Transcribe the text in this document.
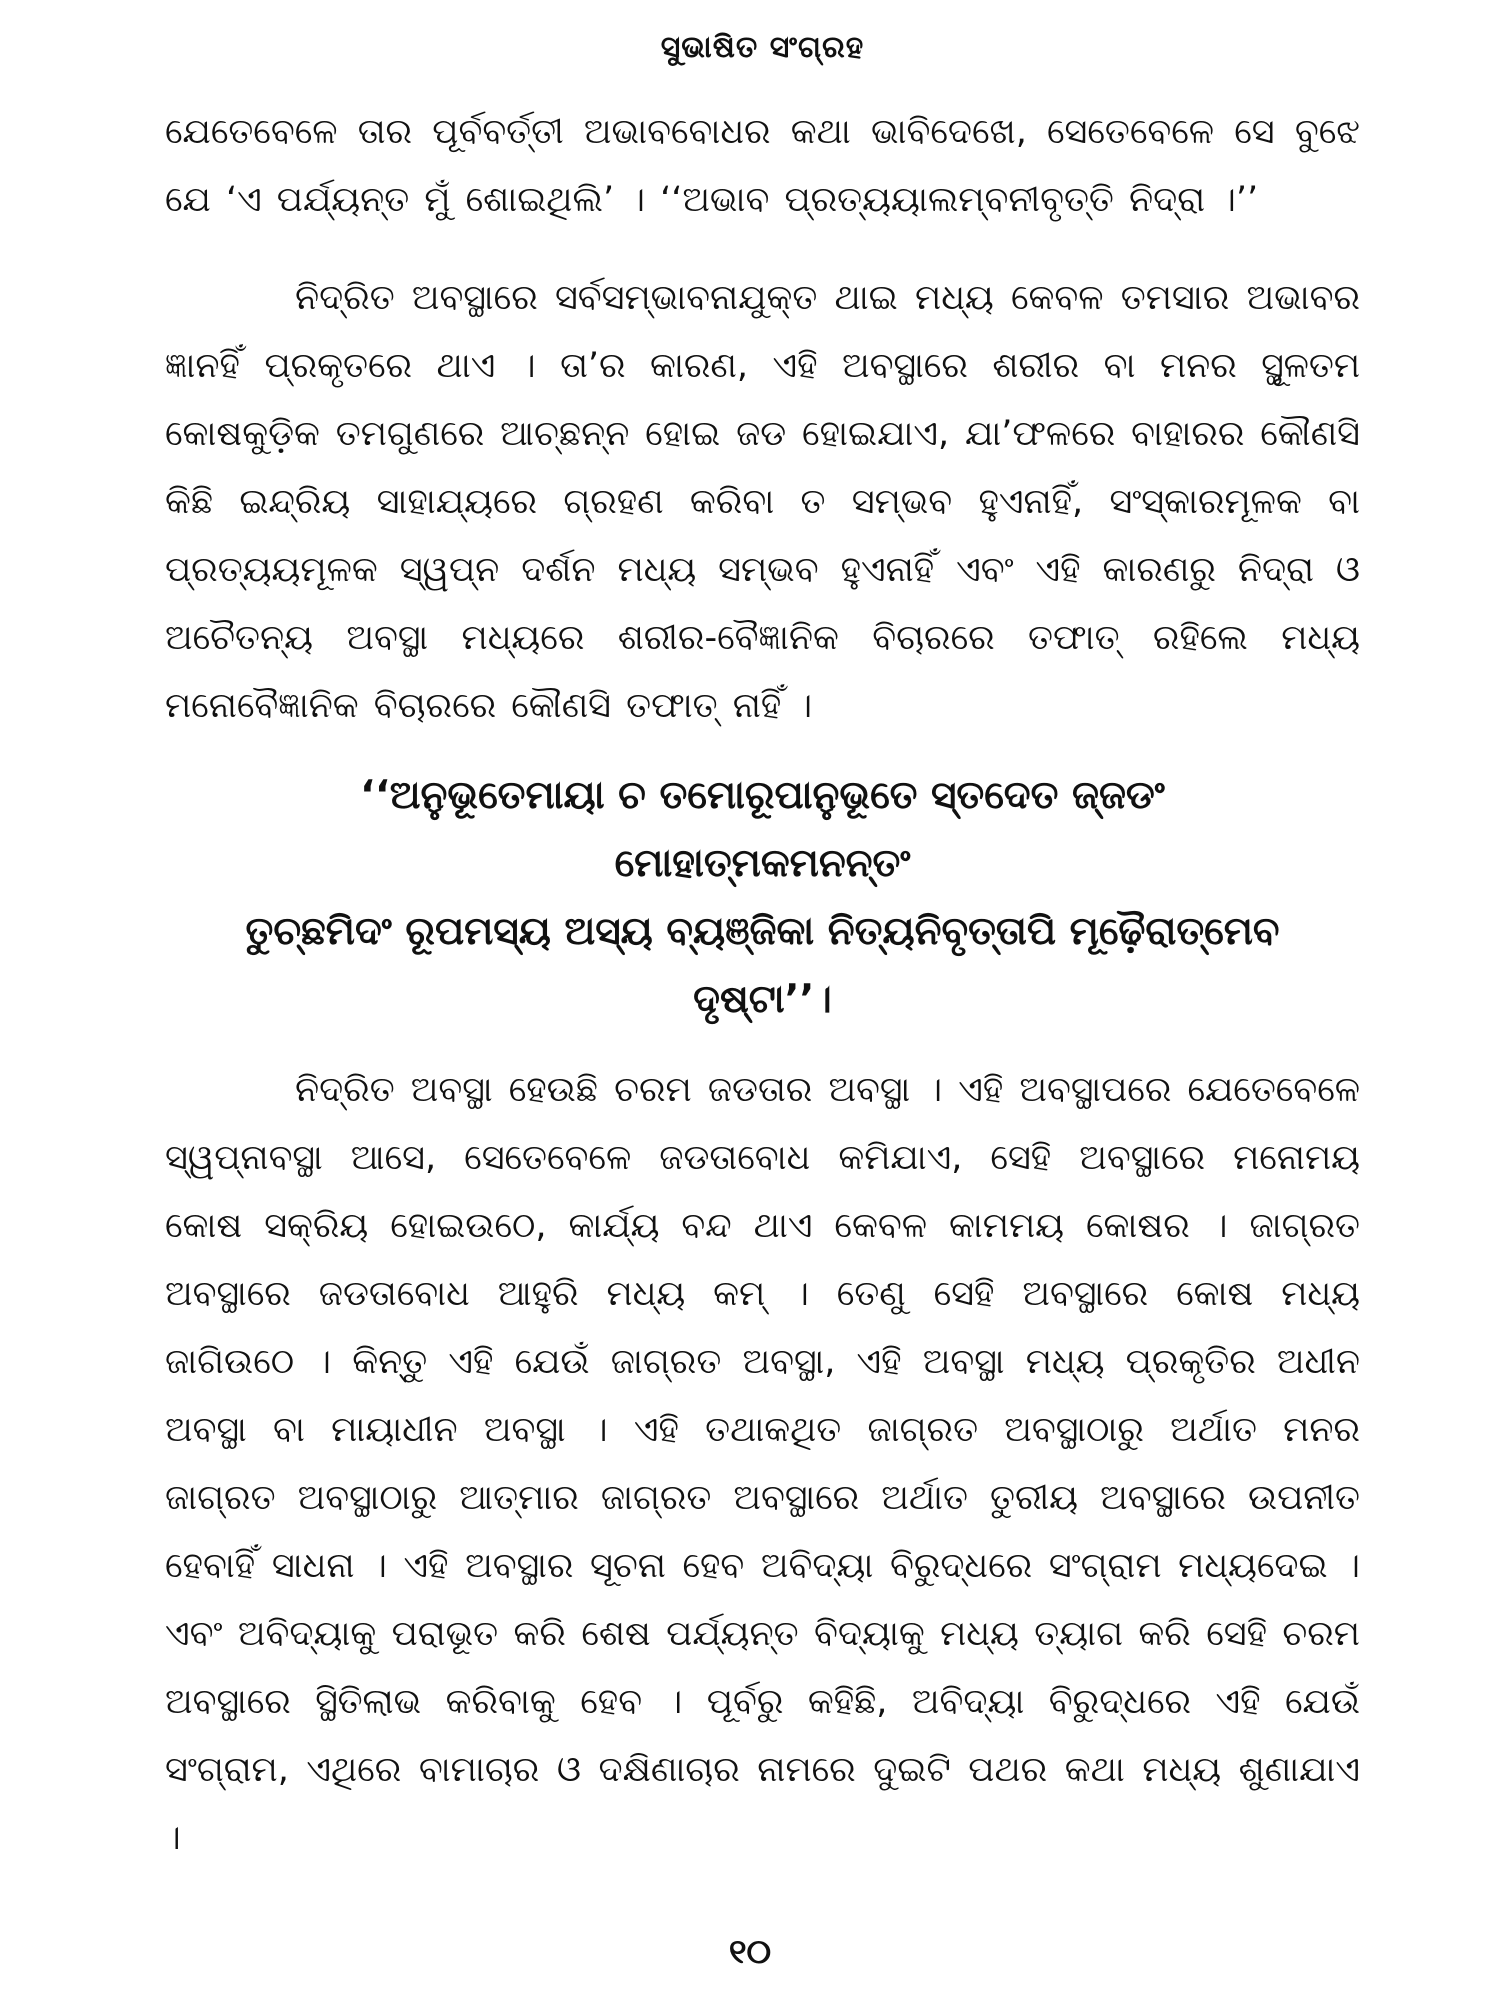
ସୁଭାଷିତ ସଂଗ୍ରହ

ଯେତେବେଳେ ତାର ପୂର୍ବବର୍ତ୍ତୀ ଅଭାବବୋଧର କଥା ଭାବିଦେଖେ, ସେତେବେଳେ ସେ ବୁଝେ ଯେ ‘ଏ ପର୍ଯ୍ୟନ୍ତ ମୁଁ ଶୋଇଥିଲି’ । ‘‘ଅଭାବ ପ୍ରତ୍ୟୟାଲମ୍ବନୀବୃତ୍ତି ନିଦ୍ରା ।’’

ନିଦ୍ରିତ ଅବସ୍ଥାରେ ସର୍ବସମ୍ଭାବନାଯୁକ୍ତ ଥାଇ ମଧ୍ୟ କେବଳ ତମସାର ଅଭାବର ଜ୍ଞାନହିଁ ପ୍ରକୃତରେ ଥାଏ । ତା’ର କାରଣ, ଏହି ଅବସ୍ଥାରେ ଶରୀର ବା ମନର ସ୍ଥୂଳତମ କୋଷକୁଡ଼ିକ ତମଗୁଣରେ ଆଚ୍ଛନ୍ନ ହୋଇ ଜଡ ହୋଇଯାଏ, ଯା’ଫଳରେ ବାହାରର କୌଣସି କିଛି ଇନ୍ଦ୍ରିୟ ସାହାଯ୍ୟରେ ଗ୍ରହଣ କରିବା ତ ସମ୍ଭବ ହୁଏନାହିଁ, ସଂସ୍କାରମୂଳକ ବା ପ୍ରତ୍ୟୟମୂଳକ ସ୍ୱପ୍ନ ଦର୍ଶନ ମଧ୍ୟ ସମ୍ଭବ ହୁଏନାହିଁ ଏବଂ ଏହି କାରଣରୁ ନିଦ୍ରା ଓ ଅଚୈତନ୍ୟ ଅବସ୍ଥା ମଧ୍ୟରେ ଶରୀର-ବୈଜ୍ଞାନିକ ବିଚାରରେ ତଫାତ୍ ରହିଲେ ମଧ୍ୟ ମନୋବୈଜ୍ଞାନିକ ବିଚାରରେ କୌଣସି ତଫାତ୍ ନାହିଁ ।

‘‘ଅନୁଭୂତେମାୟା ଚ ତମୋରୂପାନୁଭୂତେ ସ୍ତଦେତ ଜ୍ଜଡଂ
ମୋହାତ୍ମକମନନ୍ତଂ
ତୁଚ୍ଛମିଦଂ ରୂପମସ୍ୟ ଅସ୍ୟ ବ୍ୟଞ୍ଜିକା ନିତ୍ୟନିବୃତ୍ତାପି ମୂଢ଼ୈରାତ୍ମେବ
ଦୃଷ୍ଟା’’।

ନିଦ୍ରିତ ଅବସ୍ଥା ହେଉଛି ଚରମ ଜଡତାର ଅବସ୍ଥା । ଏହି ଅବସ୍ଥାପରେ ଯେତେବେଳେ ସ୍ୱପ୍ନାବସ୍ଥା ଆସେ, ସେତେବେଳେ ଜଡତାବୋଧ କମିଯାଏ, ସେହି ଅବସ୍ଥାରେ ମନୋମୟ କୋଷ ସକ୍ରିୟ ହୋଇଉଠେ, କାର୍ଯ୍ୟ ବନ୍ଦ ଥାଏ କେବଳ କାମମୟ କୋଷର । ଜାଗ୍ରତ ଅବସ୍ଥାରେ ଜଡତାବୋଧ ଆହୁରି ମଧ୍ୟ କମ୍ । ତେଣୁ ସେହି ଅବସ୍ଥାରେ କୋଷ ମଧ୍ୟ ଜାଗିଉଠେ । କିନ୍ତୁ ଏହି ଯେଉଁ ଜାଗ୍ରତ ଅବସ୍ଥା, ଏହି ଅବସ୍ଥା ମଧ୍ୟ ପ୍ରକୃତିର ଅଧୀନ ଅବସ୍ଥା ବା ମାୟାଧୀନ ଅବସ୍ଥା । ଏହି ତଥାକଥିତ ଜାଗ୍ରତ ଅବସ୍ଥାଠାରୁ ଅର୍ଥାତ ମନର ଜାଗ୍ରତ ଅବସ୍ଥାଠାରୁ ଆତ୍ମାର ଜାଗ୍ରତ ଅବସ୍ଥାରେ ଅର୍ଥାତ ତୁରୀୟ ଅବସ୍ଥାରେ ଉପନୀତ ହେବାହିଁ ସାଧନା । ଏହି ଅବସ୍ଥାର ସୂଚନା ହେବ ଅବିଦ୍ୟା ବିରୁଦ୍ଧରେ ସଂଗ୍ରାମ ମଧ୍ୟଦେଇ । ଏବଂ ଅବିଦ୍ୟାକୁ ପରାଭୂତ କରି ଶେଷ ପର୍ଯ୍ୟନ୍ତ ବିଦ୍ୟାକୁ ମଧ୍ୟ ତ୍ୟାଗ କରି ସେହି ଚରମ ଅବସ୍ଥାରେ ସ୍ଥିତିଲାଭ କରିବାକୁ ହେବ । ପୂର୍ବରୁ କହିଛି, ଅବିଦ୍ୟା ବିରୁଦ୍ଧରେ ଏହି ଯେଉଁ ସଂଗ୍ରାମ, ଏଥିରେ ବାମାଚାର ଓ ଦକ୍ଷିଣାଚାର ନାମରେ ଦୁଇଟି ପଥର କଥା ମଧ୍ୟ ଶୁଣାଯାଏ ।

୧୦
